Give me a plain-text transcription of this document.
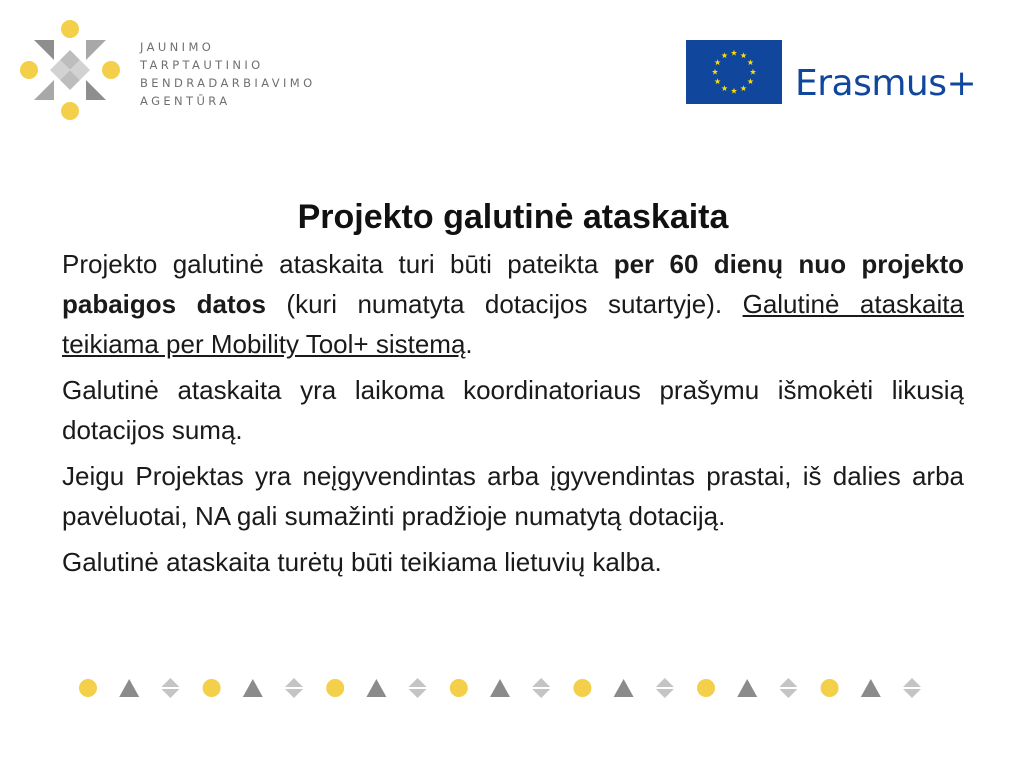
JAUNIMO
TARPTAUTINIO
BENDRADARBIAVIMO
AGENTŪRA	Erasmus+
Projekto galutinė ataskaita

Projekto galutinė ataskaita turi būti pateikta per 60 dienų nuo projekto pabaigos datos (kuri numatyta dotacijos sutartyje). Galutinė ataskaita teikiama per Mobility Tool+ sistemą.

Galutinė ataskaita yra laikoma koordinatoriaus prašymu išmokėti likusią dotacijos sumą.

Jeigu Projektas yra neįgyvendintas arba įgyvendintas prastai, iš dalies arba pavėluotai, NA gali sumažinti pradžioje numatytą dotaciją.

Galutinė ataskaita turėtų būti teikiama lietuvių kalba.
